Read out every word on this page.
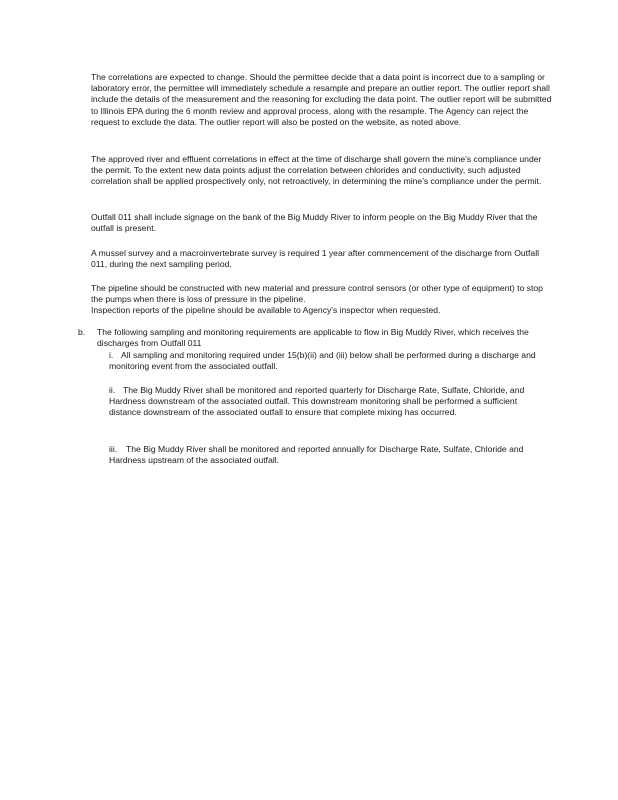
The correlations are expected to change. Should the permittee decide that a data point is incorrect due to a sampling or laboratory error, the permittee will immediately schedule a resample and prepare an outlier report. The outlier report shall include the details of the measurement and the reasoning for excluding the data point. The outlier report will be submitted to Illinois EPA during the 6 month review and approval process, along with the resample. The Agency can reject the request to exclude the data. The outlier report will also be posted on the website, as noted above.

The approved river and effluent correlations in effect at the time of discharge shall govern the mine's compliance under the permit. To the extent new data points adjust the correlation between chlorides and conductivity, such adjusted correlation shall be applied prospectively only, not retroactively, in determining the mine's compliance under the permit.

Outfall 011 shall include signage on the bank of the Big Muddy River to inform people on the Big Muddy River that the outfall is present.

A mussel survey and a macroinvertebrate survey is required 1 year after commencement of the discharge from Outfall 011, during the next sampling period.

The pipeline should be constructed with new material and pressure control sensors (or other type of equipment) to stop the pumps when there is loss of pressure in the pipeline.
Inspection reports of the pipeline should be available to Agency's inspector when requested.
b. The following sampling and monitoring requirements are applicable to flow in Big Muddy River, which receives the discharges from Outfall 011
i. All sampling and monitoring required under 15(b)(ii) and (iii) below shall be performed during a discharge and monitoring event from the associated outfall.
ii. The Big Muddy River shall be monitored and reported quarterly for Discharge Rate, Sulfate, Chloride, and Hardness downstream of the associated outfall. This downstream monitoring shall be performed a sufficient distance downstream of the associated outfall to ensure that complete mixing has occurred.
iii.	The Big Muddy River shall be monitored and reported annually for Discharge Rate, Sulfate, Chloride and Hardness upstream of the associated outfall.
